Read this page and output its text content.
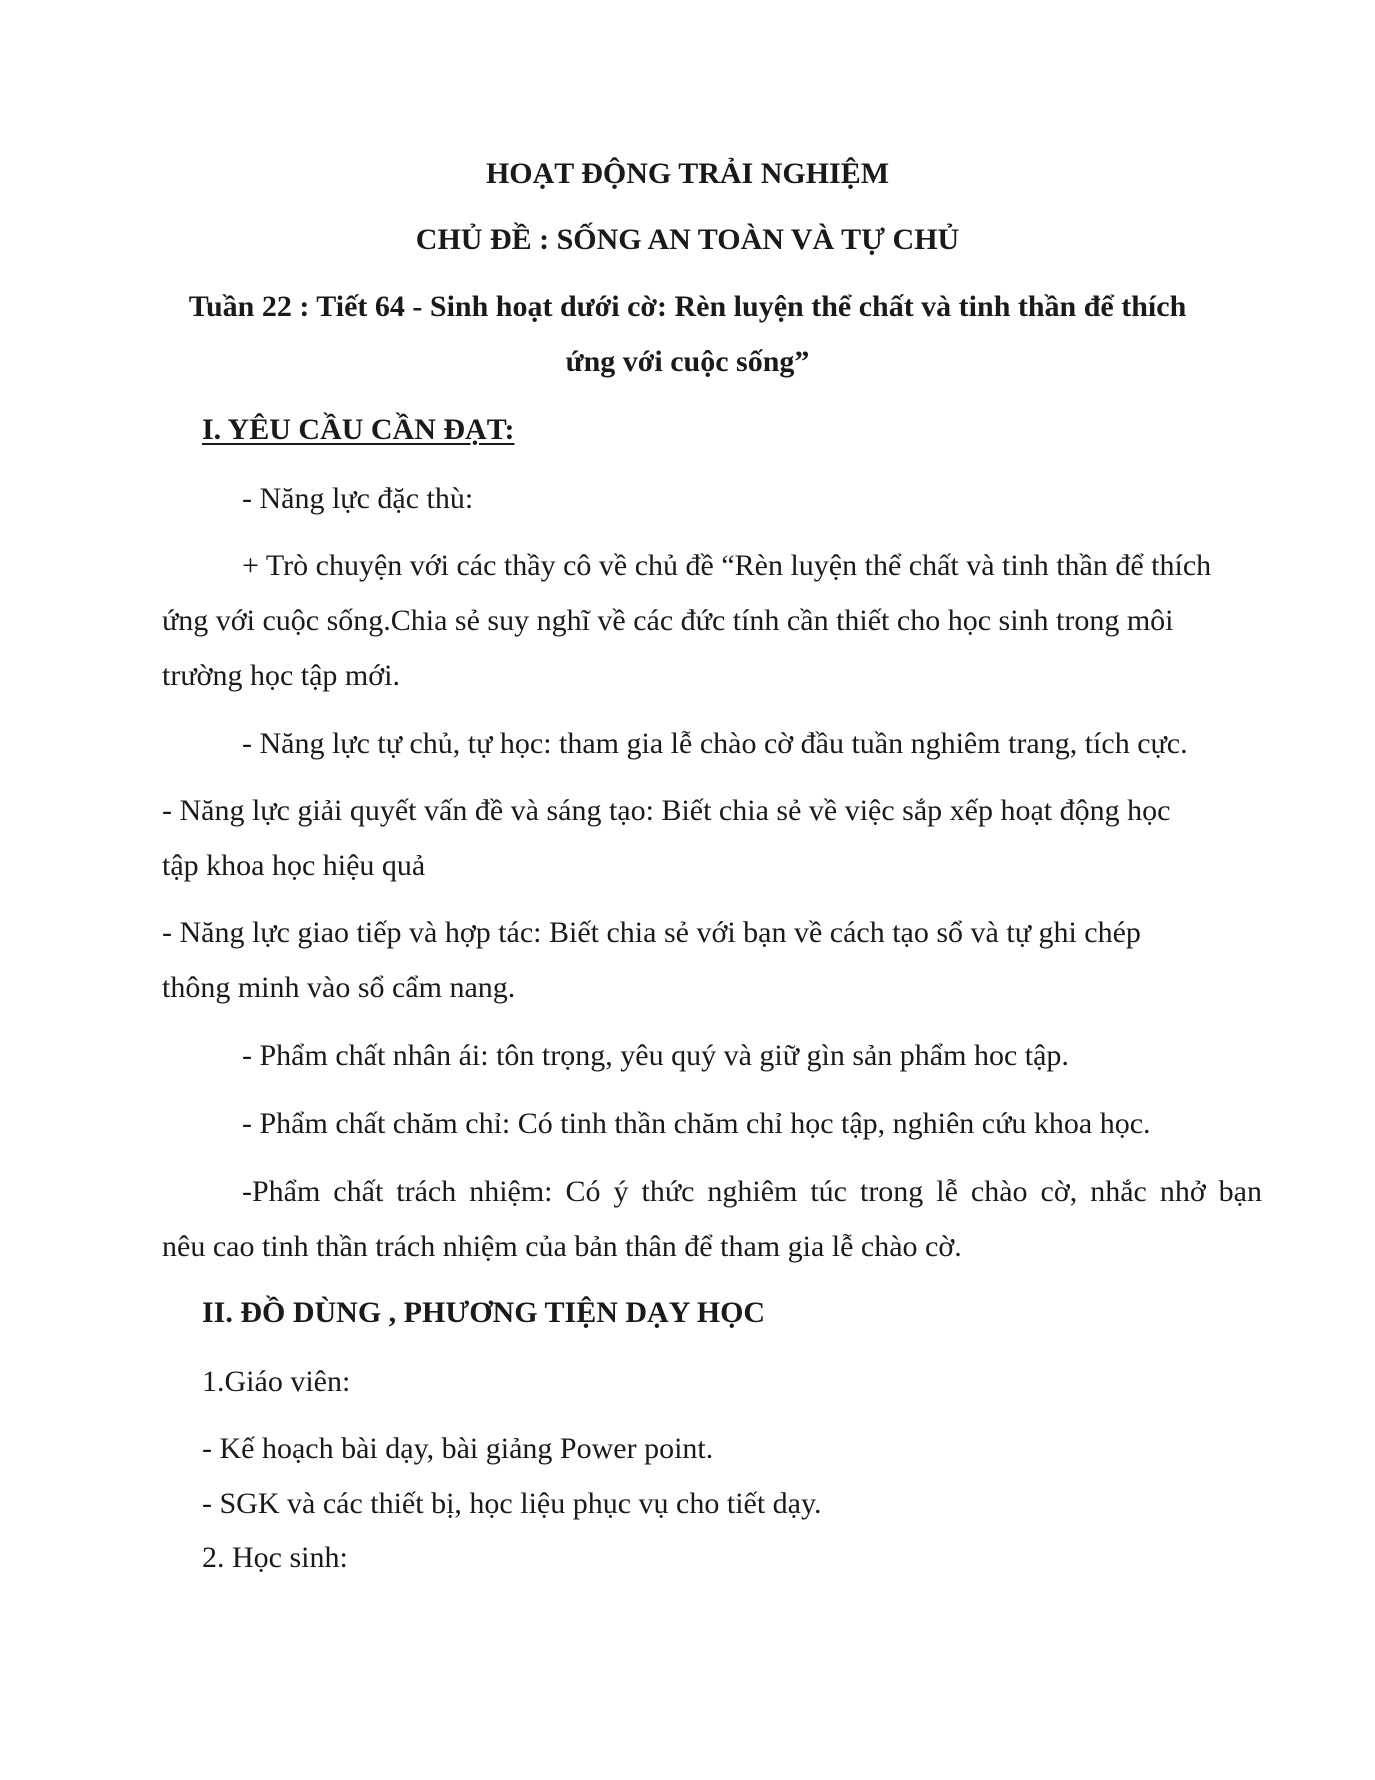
HOẠT ĐỘNG TRẢI NGHIỆM
CHỦ ĐỀ : SỐNG AN TOÀN VÀ TỰ CHỦ
Tuần 22 : Tiết 64 - Sinh hoạt dưới cờ: Rèn luyện thể chất và tinh thần để thích
ứng với cuộc sống”
I. YÊU CẦU CẦN ĐẠT:
- Năng lực đặc thù:
+ Trò chuyện với các thầy cô về chủ đề “Rèn luyện thể chất và tinh thần để thích
ứng với cuộc sống.Chia sẻ suy nghĩ về các đức tính cần thiết cho học sinh trong môi
trường học tập mới.
- Năng lực tự chủ, tự học: tham gia lễ chào cờ đầu tuần nghiêm trang, tích cực.
- Năng lực giải quyết vấn đề và sáng tạo: Biết chia sẻ về việc sắp xếp hoạt động học
tập khoa học hiệu quả
- Năng lực giao tiếp và hợp tác: Biết chia sẻ với bạn về cách tạo sổ và tự ghi chép
thông minh vào sổ cẩm nang.
- Phẩm chất nhân ái: tôn trọng, yêu quý và giữ gìn sản phẩm hoc tập.
- Phẩm chất chăm chỉ: Có tinh thần chăm chỉ học tập, nghiên cứu khoa học.
-Phẩm chất trách nhiệm: Có ý thức nghiêm túc trong lễ chào cờ, nhắc nhở bạn
nêu cao tinh thần trách nhiệm của bản thân để tham gia lễ chào cờ.
II. ĐỒ DÙNG , PHƯƠNG TIỆN DẠY HỌC
1.Giáo viên:
- Kế hoạch bài dạy, bài giảng Power point.
- SGK và các thiết bị, học liệu phục vụ cho tiết dạy.
2. Học sinh:
